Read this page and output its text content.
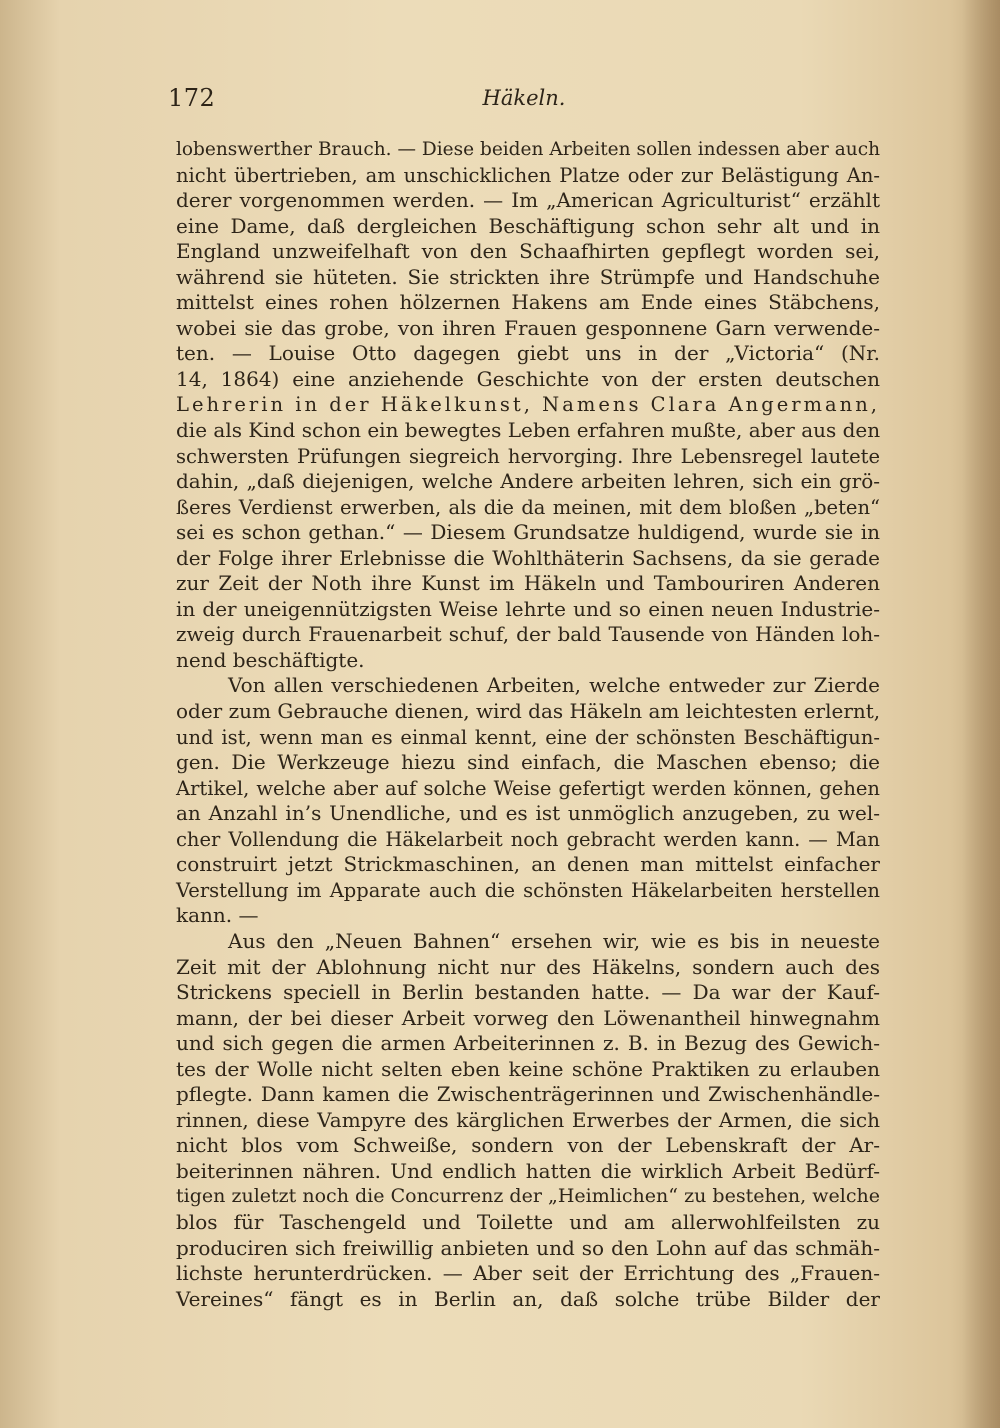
172	Häkeln.
lobenswerther Brauch. — Diese beiden Arbeiten sollen indessen aber auch
nicht übertrieben, am unschicklichen Platze oder zur Belästigung An-
derer vorgenommen werden. — Im „American Agriculturist“ erzählt
eine Dame, daß dergleichen Beschäftigung schon sehr alt und in
England unzweifelhaft von den Schaafhirten gepflegt worden sei,
während sie hüteten. Sie strickten ihre Strümpfe und Handschuhe
mittelst eines rohen hölzernen Hakens am Ende eines Stäbchens,
wobei sie das grobe, von ihren Frauen gesponnene Garn verwende-
ten. — Louise Otto dagegen giebt uns in der „Victoria“ (Nr.
14, 1864) eine anziehende Geschichte von der ersten deutschen
Lehrerin in der Häkelkunst, Namens Clara Angermann,
die als Kind schon ein bewegtes Leben erfahren mußte, aber aus den
schwersten Prüfungen siegreich hervorging. Ihre Lebensregel lautete
dahin, „daß diejenigen, welche Andere arbeiten lehren, sich ein grö-
ßeres Verdienst erwerben, als die da meinen, mit dem bloßen „beten“
sei es schon gethan.“ — Diesem Grundsatze huldigend, wurde sie in
der Folge ihrer Erlebnisse die Wohlthäterin Sachsens, da sie gerade
zur Zeit der Noth ihre Kunst im Häkeln und Tambouriren Anderen
in der uneigennützigsten Weise lehrte und so einen neuen Industrie-
zweig durch Frauenarbeit schuf, der bald Tausende von Händen loh-
nend beschäftigte.
Von allen verschiedenen Arbeiten, welche entweder zur Zierde
oder zum Gebrauche dienen, wird das Häkeln am leichtesten erlernt,
und ist, wenn man es einmal kennt, eine der schönsten Beschäftigun-
gen. Die Werkzeuge hiezu sind einfach, die Maschen ebenso; die
Artikel, welche aber auf solche Weise gefertigt werden können, gehen
an Anzahl in’s Unendliche, und es ist unmöglich anzugeben, zu wel-
cher Vollendung die Häkelarbeit noch gebracht werden kann. — Man
construirt jetzt Strickmaschinen, an denen man mittelst einfacher
Verstellung im Apparate auch die schönsten Häkelarbeiten herstellen
kann. —
Aus den „Neuen Bahnen“ ersehen wir, wie es bis in neueste
Zeit mit der Ablohnung nicht nur des Häkelns, sondern auch des
Strickens speciell in Berlin bestanden hatte. — Da war der Kauf-
mann, der bei dieser Arbeit vorweg den Löwenantheil hinwegnahm
und sich gegen die armen Arbeiterinnen z. B. in Bezug des Gewich-
tes der Wolle nicht selten eben keine schöne Praktiken zu erlauben
pflegte. Dann kamen die Zwischenträgerinnen und Zwischenhändle-
rinnen, diese Vampyre des kärglichen Erwerbes der Armen, die sich
nicht blos vom Schweiße, sondern von der Lebenskraft der Ar-
beiterinnen nähren. Und endlich hatten die wirklich Arbeit Bedürf-
tigen zuletzt noch die Concurrenz der „Heimlichen“ zu bestehen, welche
blos für Taschengeld und Toilette und am allerwohlfeilsten zu
produciren sich freiwillig anbieten und so den Lohn auf das schmäh-
lichste herunterdrücken. — Aber seit der Errichtung des „Frauen-
Vereines“ fängt es in Berlin an, daß solche trübe Bilder der
